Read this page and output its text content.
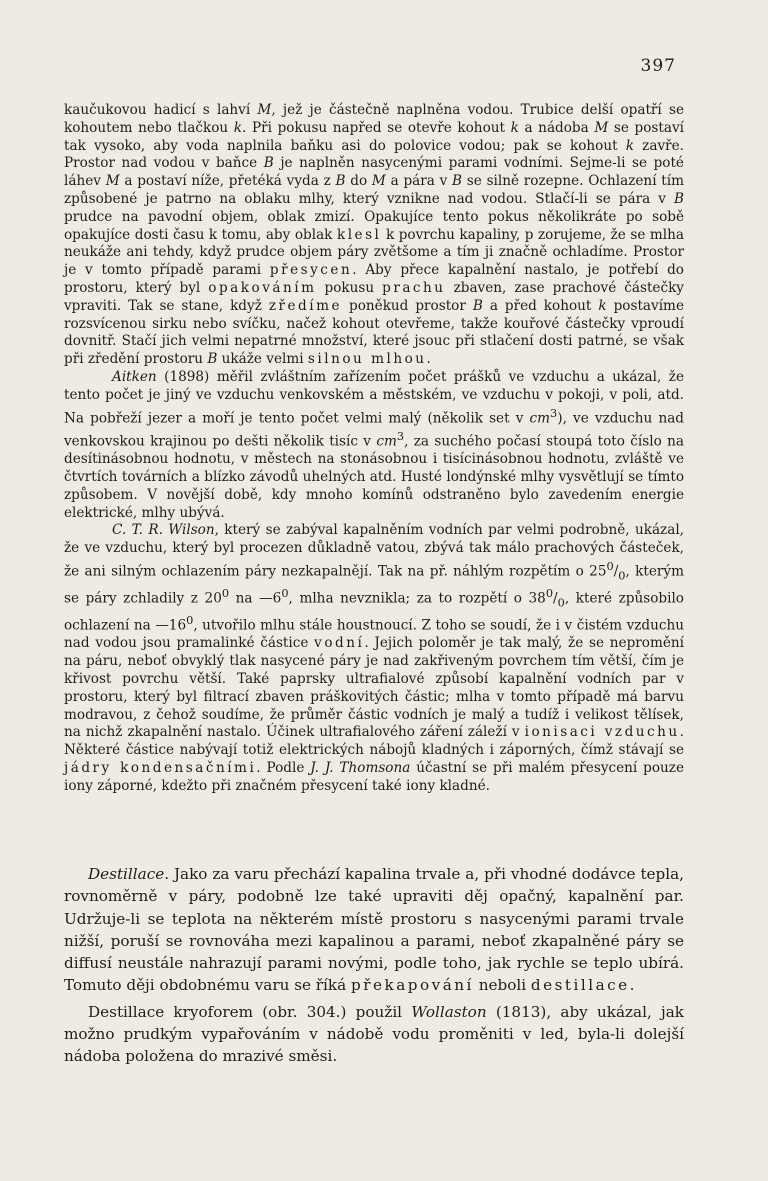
397

kaučukovou hadicí s lahví M, jež je částečně naplněna vodou. Trubice delší opatří se kohoutem nebo tlačkou k. Při pokusu napřed se otevře kohout k a nádoba M se postaví tak vysoko, aby voda naplnila baňku asi do polovice vodou; pak se kohout k zavře. Prostor nad vodou v baňce B je naplněn nasycenými parami vodními. Sejme-li se poté láhev M a postaví níže, přetéká vyda z B do M a pára v B se silně rozepne. Ochlazení tím způsobené je patrno na oblaku mlhy, který vznikne nad vodou. Stlačí-li se pára v B prudce na pavodní objem, oblak zmizí. Opakujíce tento pokus několikráte po sobě opakujíce dosti času k tomu, aby oblak klesl k povrchu kapaliny, p zorujeme, že se mlha neukáže ani tehdy, když prudce objem páry zvětšome a tím ji značně ochladíme. Prostor je v tomto případě parami přesycen. Aby přece kapalnění nastalo, je potřebí do prostoru, který byl opakováním pokusu prachu zbaven, zase prachové částečky vpraviti. Tak se stane, když zředíme poněkud prostor B a před kohout k postavíme rozsvícenou sirku nebo svíčku, načež kohout otevřeme, takže kouřové částečky vproudí dovnitř. Stačí jich velmi nepatrné množství, které jsouc při stlačení dosti patrné, se však při zředění prostoru B ukáže velmi silnou mlhou.

Aitken (1898) měřil zvláštním zařízením počet prášků ve vzduchu a ukázal, že tento počet je jiný ve vzduchu venkovském a městském, ve vzduchu v pokoji, v poli, atd. Na pobřeží jezer a moří je tento počet velmi malý (několik set v $cm^3$), ve vzduchu nad venkovskou krajinou po dešti několik tisíc v $cm^3$, za suchého počasí stoupá toto číslo na desítinásobnou hodnotu, v městech na stonásobnou i tisícinásobnou hodnotu, zvláště ve čtvrtích továrních a blízko závodů uhelných atd. Husté londýnské mlhy vysvětlují se tímto způsobem. V novější době, kdy mnoho komínů odstraněno bylo zavedením energie elektrické, mlhy ubývá.

C. T. R. Wilson, který se zabýval kapalněním vodních par velmi podrobně, ukázal, že ve vzduchu, který byl procezen důkladně vatou, zbývá tak málo prachových částeček, že ani silným ochlazením páry nezkapalnějí. Tak na př. náhlým rozpětím o $25^0/_0$, kterým se páry zchladily z $20^0$ na $—6^0$, mlha nevznikla; za to rozpětí o $38^0/_0$, které způsobilo ochlazení na $—16^0$, utvořilo mlhu stále houstnoucí. Z toho se soudí, že i v čistém vzduchu nad vodou jsou pramalinké částice vodní. Jejich poloměr je tak malý, že se nepromění na páru, neboť obvyklý tlak nasycené páry je nad zakřiveným povrchem tím větší, čím je křivost povrchu větší. Také paprsky ultrafialové způsobí kapalnění vodních par v prostoru, který byl filtrací zbaven práškovitých částic; mlha v tomto případě má barvu modravou, z čehož soudíme, že průměr částic vodních je malý a tudíž i velikost tělísek, na nichž zkapalnění nastalo. Účinek ultrafialového záření záleží v ionisaci vzduchu. Některé částice nabývají totiž elektrických nábojů kladných i záporných, čímž stávají se jádry kondensačními. Podle J. J. Thomsona účastní se při malém přesycení pouze iony záporné, kdežto při značném přesycení také iony kladné.

Destillace. Jako za varu přechází kapalina trvale a, při vhodné dodávce tepla, rovnoměrně v páry, podobně lze také upraviti děj opačný, kapalnění par. Udržuje-li se teplota na některém místě prostoru s nasycenými parami trvale nižší, poruší se rovnováha mezi kapalinou a parami, neboť zkapalněné páry se diffusí neustále nahrazují parami novými, podle toho, jak rychle se teplo ubírá. Tomuto ději obdobnému varu se říká překapování neboli destillace.

Destillace kryoforem (obr. 304.) použil Wollaston (1813), aby ukázal, jak možno prudkým vypařováním v nádobě vodu proměniti v led, byla-li dolejší nádoba položena do mrazivé směsi.
